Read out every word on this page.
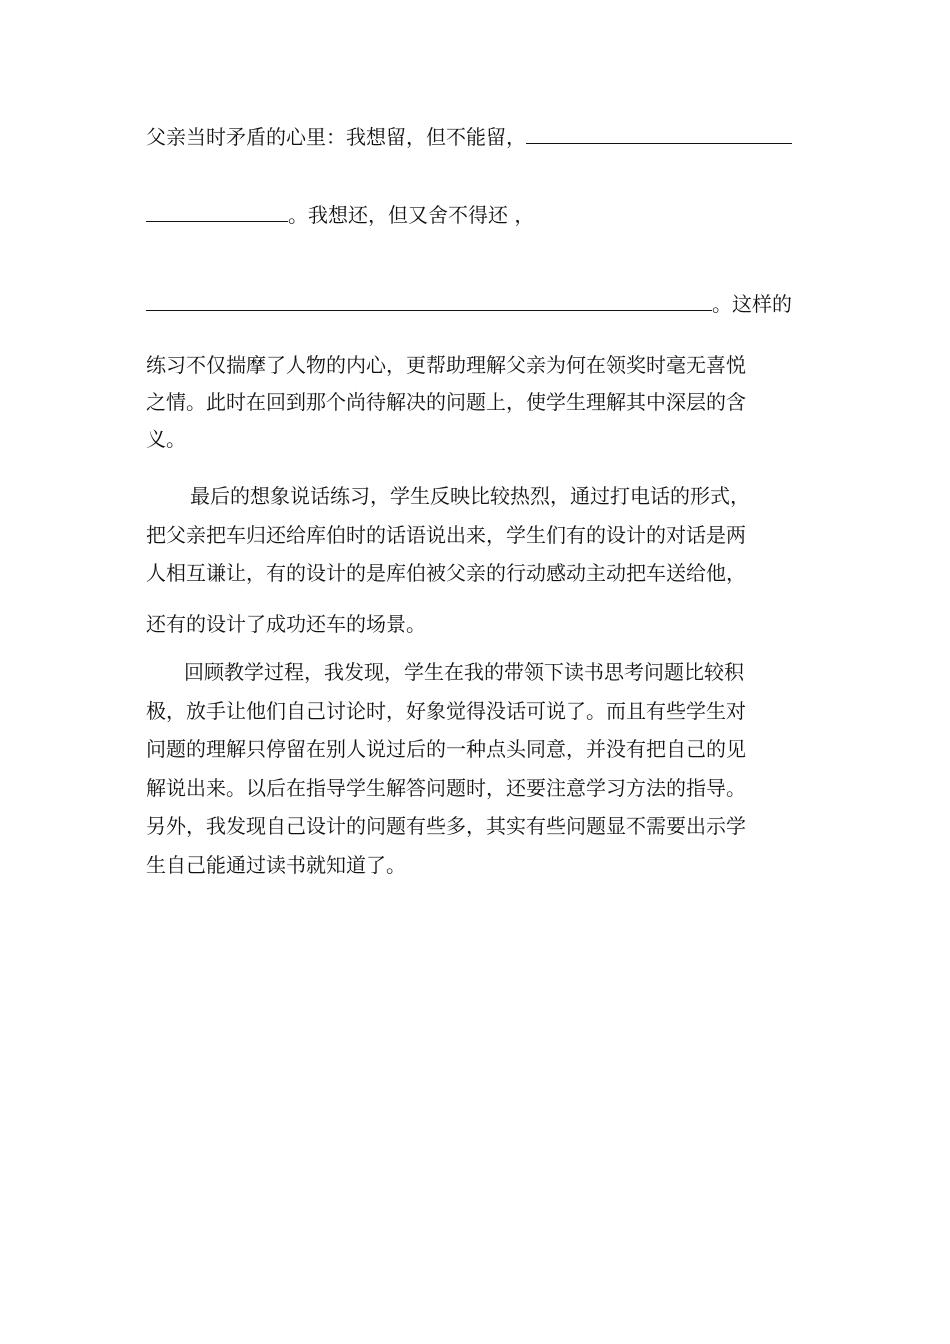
父亲当时矛盾的心里：我想留，但不能留，
。我想还，但又舍不得还 ，
。这样的
练习不仅揣摩了人物的内心，更帮助理解父亲为何在领奖时毫无喜悦
之情。此时在回到那个尚待解决的问题上，使学生理解其中深层的含
义。
最后的想象说话练习，学生反映比较热烈，通过打电话的形式，
把父亲把车归还给库伯时的话语说出来，学生们有的设计的对话是两
人相互谦让，有的设计的是库伯被父亲的行动感动主动把车送给他，
还有的设计了成功还车的场景。
回顾教学过程，我发现，学生在我的带领下读书思考问题比较积
极，放手让他们自己讨论时，好象觉得没话可说了。而且有些学生对
问题的理解只停留在别人说过后的一种点头同意，并没有把自己的见
解说出来。以后在指导学生解答问题时，还要注意学习方法的指导。
另外，我发现自己设计的问题有些多，其实有些问题显不需要出示学
生自己能通过读书就知道了。
